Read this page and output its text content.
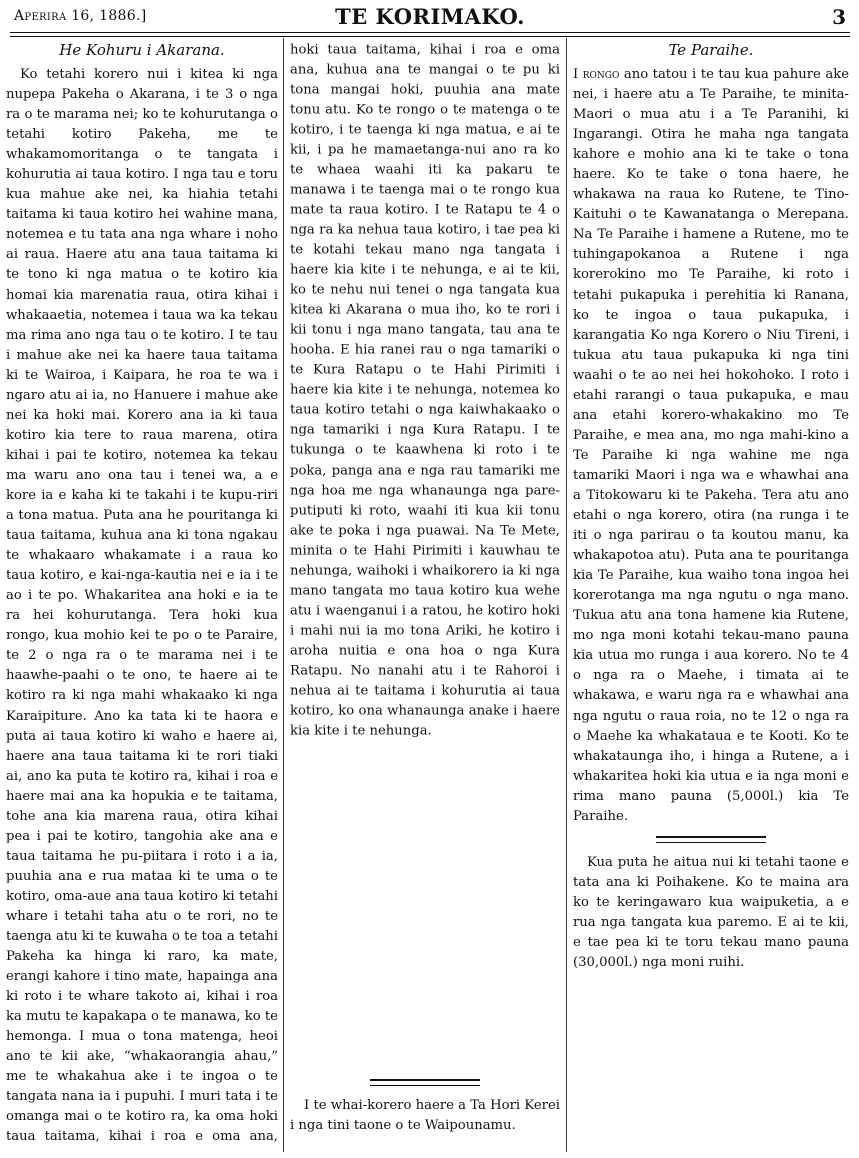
Aperira 16, 1886.]	TE KORIMAKO.	3
He Kohuru i Akarana.

Ko tetahi korero nui i kitea ki nga nupepa Pakeha o Akarana, i te 3 o nga ra o te marama nei; ko te kohurutanga o tetahi kotiro Pakeha, me te whakamomoritanga o te tangata i kohurutia ai taua kotiro. I nga tau e toru kua mahue ake nei, ka hiahia tetahi taitama ki taua kotiro hei wahine mana, notemea e tu tata ana nga whare i noho ai raua. Haere atu ana taua taitama ki te tono ki nga matua o te kotiro kia homai kia marenatia raua, otira kihai i whakaaetia, notemea i taua wa ka tekau ma rima ano nga tau o te kotiro. I te tau i mahue ake nei ka haere taua taitama ki te Wairoa, i Kaipara, he roa te wa i ngaro atu ai ia, no Hanuere i mahue ake nei ka hoki mai. Korero ana ia ki taua kotiro kia tere to raua marena, otira kihai i pai te kotiro, notemea ka tekau ma waru ano ona tau i tenei wa, a e kore ia e kaha ki te takahi i te kupu-riri a tona matua. Puta ana he pouritanga ki taua taitama, kuhua ana ki tona ngakau te whakaaro whakamate i a raua ko taua kotiro, e kai-nga-kautia nei e ia i te ao i te po. Whakaritea ana hoki e ia te ra hei kohurutanga. Tera hoki kua rongo, kua mohio kei te po o te Paraire, te 2 o nga ra o te marama nei i te haawhe-paahi o te ono, te haere ai te kotiro ra ki nga mahi whakaako ki nga Karaipiture. Ano ka tata ki te haora e puta ai taua kotiro ki waho e haere ai, haere ana taua taitama ki te rori tiaki ai, ano ka puta te kotiro ra, kihai i roa e haere mai ana ka hopukia e te taitama, tohe ana kia marena raua, otira kihai pea i pai te kotiro, tangohia ake ana e taua taitama he pu-piitara i roto i a ia, puuhia ana e rua mataa ki te uma o te kotiro, oma-aue ana taua kotiro ki tetahi whare i tetahi taha atu o te rori, no te taenga atu ki te kuwaha o te toa a tetahi Pakeha ka hinga ki raro, ka mate, erangi kahore i tino mate, hapainga ana ki roto i te whare takoto ai, kihai i roa ka mutu te kapakapa o te manawa, ko te hemonga. I mua o tona matenga, heoi ano te kii ake, “whakaorangia ahau,” me te whakahua ake i te ingoa o te tangata nana ia i pupuhi. I muri tata i te omanga mai o te kotiro ra, ka oma hoki taua taitama, kihai i roa e oma ana,

hoki taua taitama, kihai i roa e oma ana, kuhua ana te mangai o te pu ki tona mangai hoki, puuhia ana mate tonu atu. Ko te rongo o te matenga o te kotiro, i te taenga ki nga matua, e ai te kii, i pa he mamaetanga-nui ano ra ko te whaea waahi iti ka pakaru te manawa i te taenga mai o te rongo kua mate ta raua kotiro. I te Ratapu te 4 o nga ra ka nehua taua kotiro, i tae pea ki te kotahi tekau mano nga tangata i haere kia kite i te nehunga, e ai te kii, ko te nehu nui tenei o nga tangata kua kitea ki Akarana o mua iho, ko te rori i kii tonu i nga mano tangata, tau ana te hooha. E hia ranei rau o nga tamariki o te Kura Ratapu o te Hahi Pirimiti i haere kia kite i te nehunga, notemea ko taua kotiro tetahi o nga kaiwhakaako o nga tamariki i nga Kura Ratapu. I te tukunga o te kaawhena ki roto i te poka, panga ana e nga rau tamariki me nga hoa me nga whanaunga nga pare-putiputi ki roto, waahi iti kua kii tonu ake te poka i nga puawai. Na Te Mete, minita o te Hahi Pirimiti i kauwhau te nehunga, waihoki i whaikorero ia ki nga mano tangata mo taua kotiro kua wehe atu i waenganui i a ratou, he kotiro hoki i mahi nui ia mo tona Ariki, he kotiro i aroha nuitia e ona hoa o nga Kura Ratapu. No nanahi atu i te Rahoroi i nehua ai te taitama i kohurutia ai taua kotiro, ko ona whanaunga anake i haere kia kite i te nehunga.

Te Paraihe.

I rongo ano tatou i te tau kua pahure ake nei, i haere atu a Te Paraihe, te minita-Maori o mua atu i a Te Paranihi, ki Ingarangi. Otira he maha nga tangata kahore e mohio ana ki te take o tona haere. Ko te take o tona haere, he whakawa na raua ko Rutene, te Tino-Kaituhi o te Kawanatanga o Merepana. Na Te Paraihe i hamene a Rutene, mo te tuhingapokanoa a Rutene i nga korerokino mo Te Paraihe, ki roto i tetahi pukapuka i perehitia ki Ranana, ko te ingoa o taua pukapuka, i karangatia Ko nga Korero o Niu Tireni, i tukua atu taua pukapuka ki nga tini waahi o te ao nei hei hokohoko. I roto i etahi rarangi o taua pukapuka, e mau ana etahi korero-whakakino mo Te Paraihe, e mea ana, mo nga mahi-kino a Te Paraihe ki nga wahine me nga tamariki Maori i nga wa e whawhai ana a Titokowaru ki te Pakeha. Tera atu ano etahi o nga korero, otira (na runga i te iti o nga parirau o ta koutou manu, ka whakapotoa atu). Puta ana te pouritanga kia Te Paraihe, kua waiho tona ingoa hei korerotanga ma nga ngutu o nga mano. Tukua atu ana tona hamene kia Rutene, mo nga moni kotahi tekau-mano pauna kia utua mo runga i aua korero. No te 4 o nga ra o Maehe, i timata ai te whakawa, e waru nga ra e whawhai ana nga ngutu o raua roia, no te 12 o nga ra o Maehe ka whakataua e te Kooti. Ko te whakataunga iho, i hinga a Rutene, a i whakaritea hoki kia utua e ia nga moni e rima mano pauna (5,000l.) kia Te Paraihe.

Kua puta he aitua nui ki tetahi taone e tata ana ki Poihakene. Ko te maina ara ko te keringawaro kua waipuketia, a e rua nga tangata kua paremo. E ai te kii, e tae pea ki te toru tekau mano pauna (30,000l.) nga moni ruihi.

I te whai-korero haere a Ta Hori Kerei i nga tini taone o te Waipounamu.
